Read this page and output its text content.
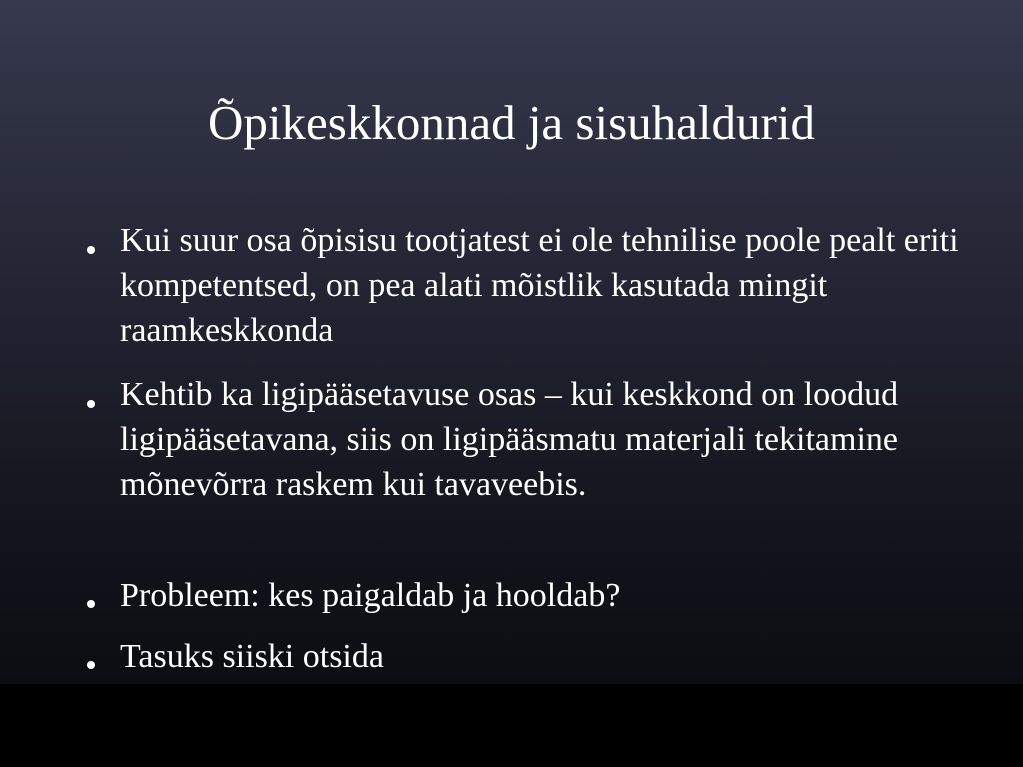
Õpikeskkonnad ja sisuhaldurid

Kui suur osa õpisisu tootjatest ei ole tehnilise poole pealt eriti kompetentsed, on pea alati mõistlik kasutada mingit raamkeskkonda

Kehtib ka ligipääsetavuse osas – kui keskkond on loodud ligipääsetavana, siis on ligipääsmatu materjali tekitamine mõnevõrra raskem kui tavaveebis.

Probleem: kes paigaldab ja hooldab?

Tasuks siiski otsida
